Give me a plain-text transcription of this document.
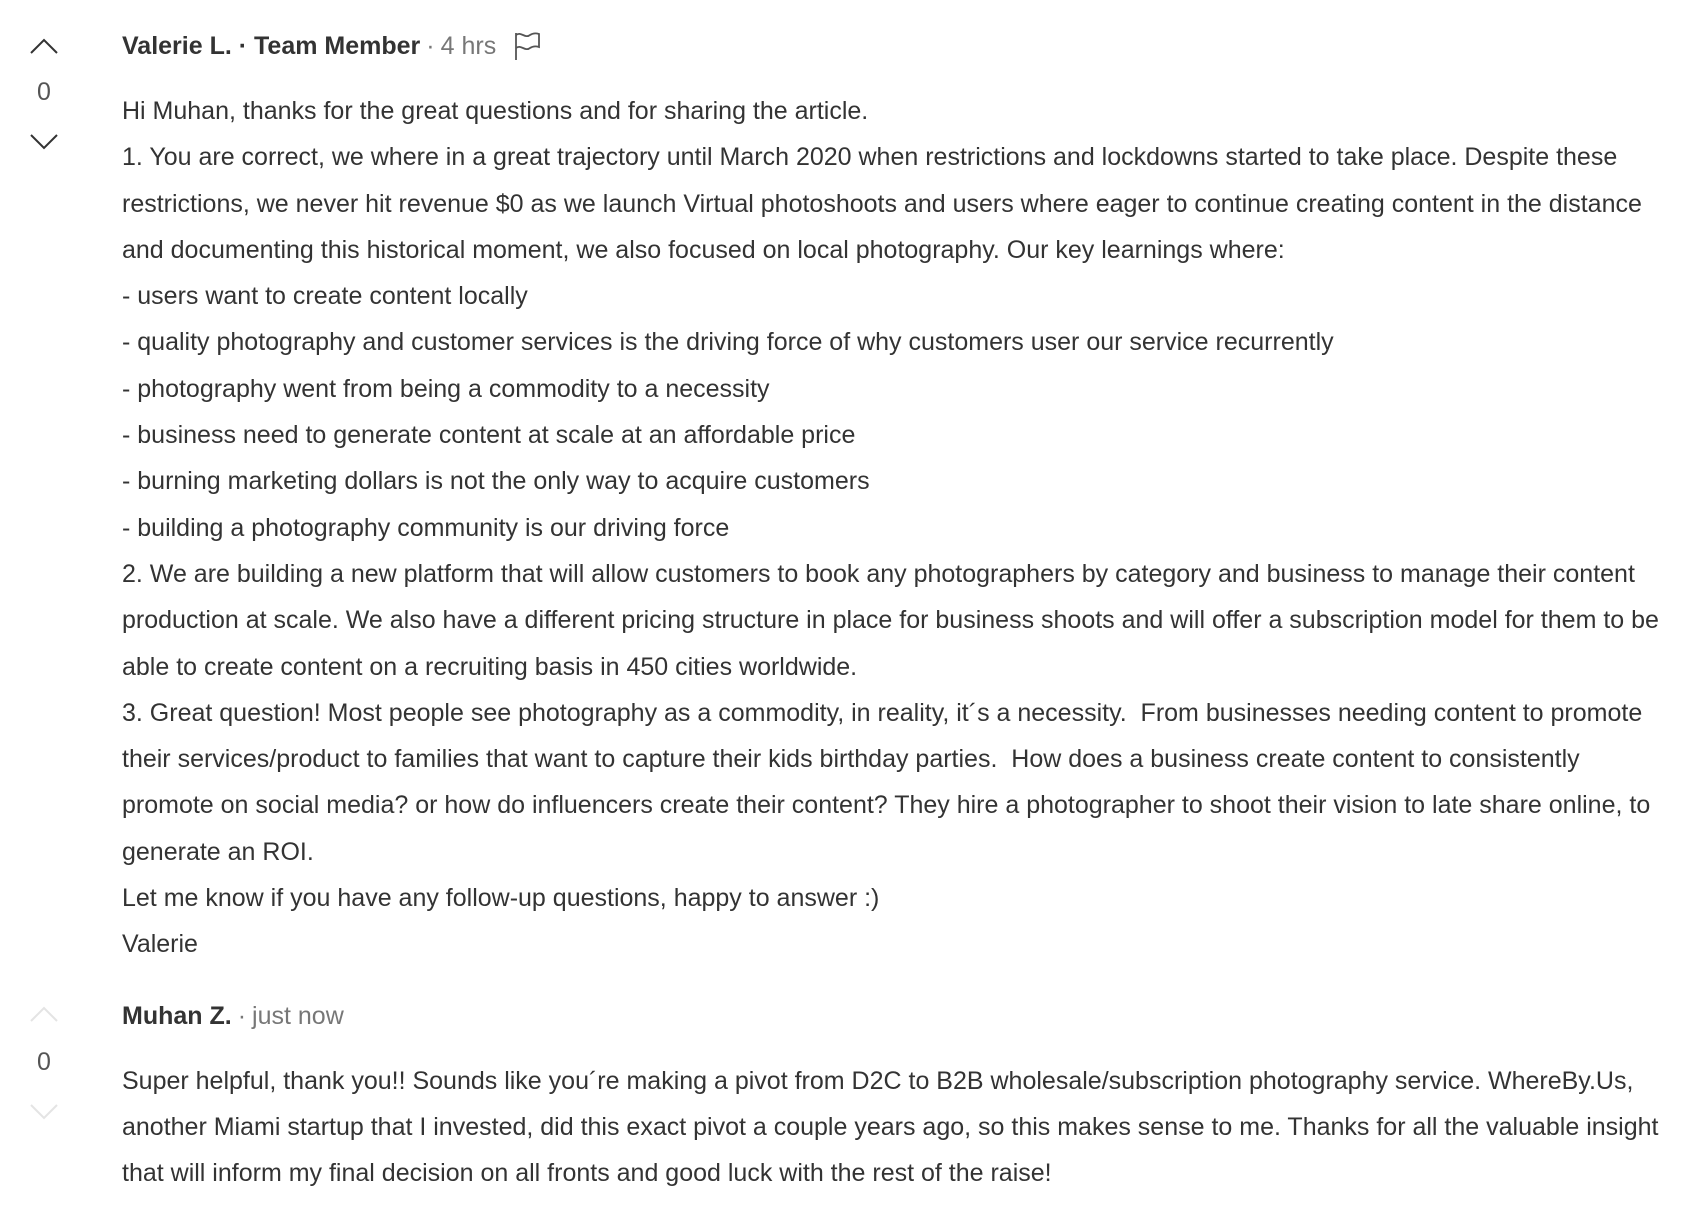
0
Valerie L. · Team Member · 4 hrs
Hi Muhan, thanks for the great questions and for sharing the article.
1. You are correct, we where in a great trajectory until March 2020 when restrictions and lockdowns started to take place. Despite these restrictions, we never hit revenue $0 as we launch Virtual photoshoots and users where eager to continue creating content in the distance and documenting this historical moment, we also focused on local photography. Our key learnings where:
- users want to create content locally
- quality photography and customer services is the driving force of why customers user our service recurrently
- photography went from being a commodity to a necessity
- business need to generate content at scale at an affordable price
- burning marketing dollars is not the only way to acquire customers
- building a photography community is our driving force
2. We are building a new platform that will allow customers to book any photographers by category and business to manage their content production at scale. We also have a different pricing structure in place for business shoots and will offer a subscription model for them to be able to create content on a recruiting basis in 450 cities worldwide.
3. Great question! Most people see photography as a commodity, in reality, it´s a necessity.  From businesses needing content to promote their services/product to families that want to capture their kids birthday parties.  How does a business create content to consistently promote on social media? or how do influencers create their content? They hire a photographer to shoot their vision to late share online, to generate an ROI.
Let me know if you have any follow-up questions, happy to answer :)
Valerie
0
Muhan Z. · just now
Super helpful, thank you!! Sounds like you´re making a pivot from D2C to B2B wholesale/subscription photography service. WhereBy.Us, another Miami startup that I invested, did this exact pivot a couple years ago, so this makes sense to me. Thanks for all the valuable insight that will inform my final decision on all fronts and good luck with the rest of the raise!
